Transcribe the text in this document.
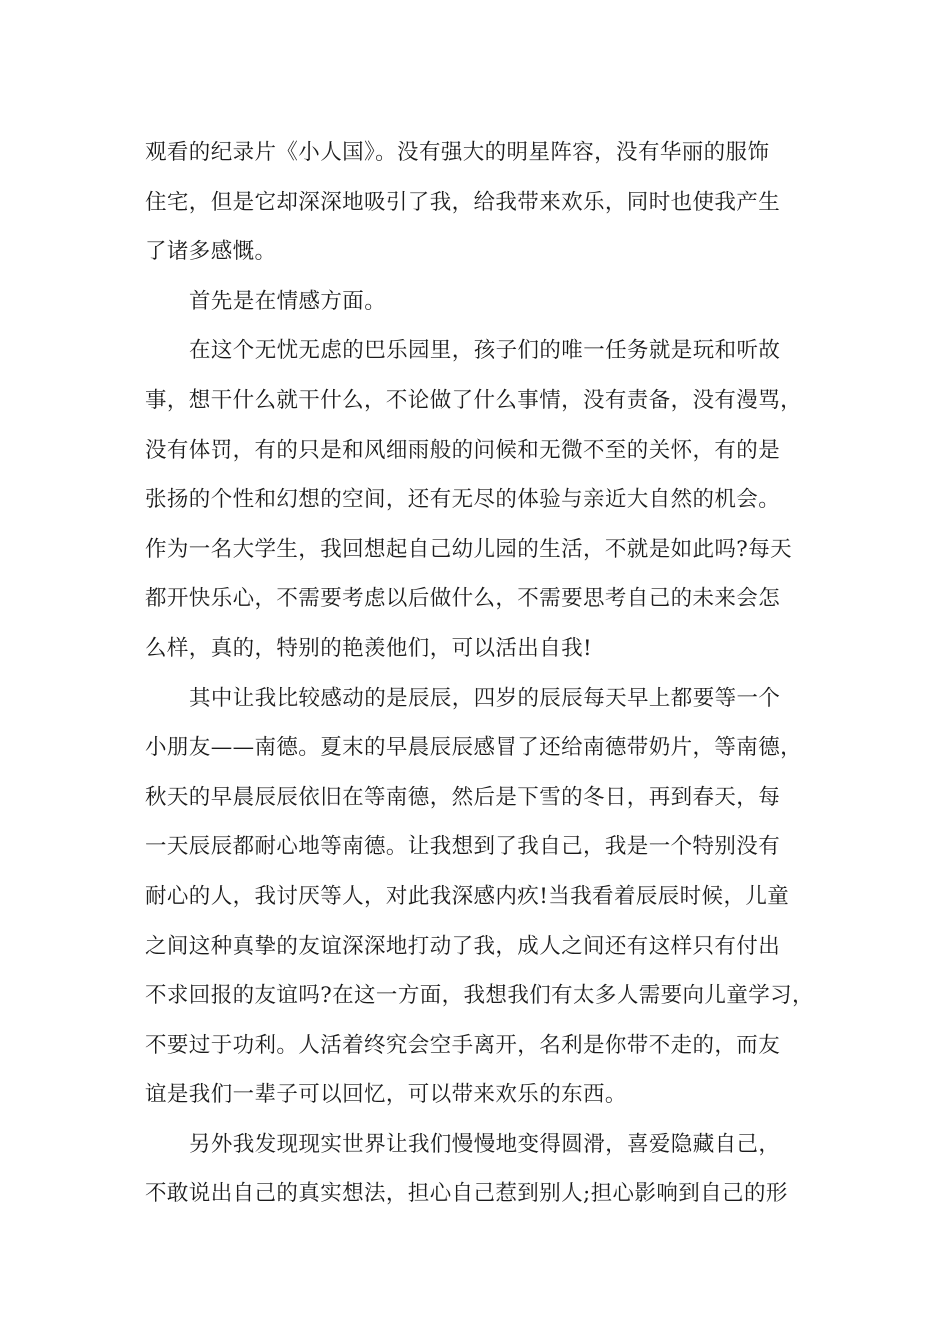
观看的纪录片《小人国》。没有强大的明星阵容，没有华丽的服饰
住宅，但是它却深深地吸引了我，给我带来欢乐，同时也使我产生
了诸多感慨。
首先是在情感方面。
在这个无忧无虑的巴乐园里，孩子们的唯一任务就是玩和听故
事，想干什么就干什么，不论做了什么事情，没有责备，没有漫骂，
没有体罚，有的只是和风细雨般的问候和无微不至的关怀，有的是
张扬的个性和幻想的空间，还有无尽的体验与亲近大自然的机会。
作为一名大学生，我回想起自己幼儿园的生活，不就是如此吗?每天
都开快乐心，不需要考虑以后做什么，不需要思考自己的未来会怎
么样，真的，特别的艳羡他们，可以活出自我!
其中让我比较感动的是辰辰，四岁的辰辰每天早上都要等一个
小朋友——南德。夏末的早晨辰辰感冒了还给南德带奶片，等南德，
秋天的早晨辰辰依旧在等南德，然后是下雪的冬日，再到春天，每
一天辰辰都耐心地等南德。让我想到了我自己，我是一个特别没有
耐心的人，我讨厌等人，对此我深感内疚!当我看着辰辰时候，儿童
之间这种真挚的友谊深深地打动了我，成人之间还有这样只有付出
不求回报的友谊吗?在这一方面，我想我们有太多人需要向儿童学习，
不要过于功利。人活着终究会空手离开，名利是你带不走的，而友
谊是我们一辈子可以回忆，可以带来欢乐的东西。
另外我发现现实世界让我们慢慢地变得圆滑，喜爱隐藏自己，
不敢说出自己的真实想法，担心自己惹到别人;担心影响到自己的形
